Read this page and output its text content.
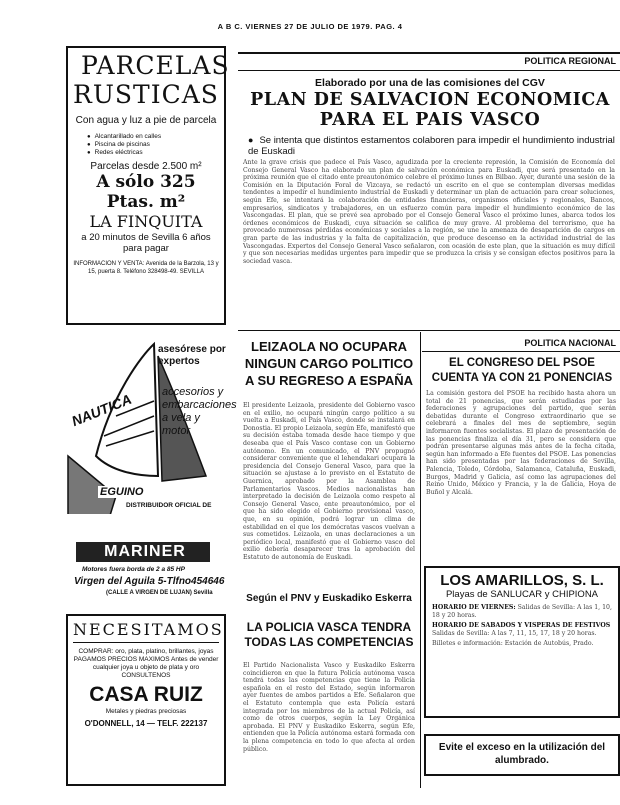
A B C. VIERNES 27 DE JULIO DE 1979. PAG. 4
PARCELAS
RUSTICAS
Con agua y luz a pie de parcela
● Alcantarillado en calles
● Piscina de piscinas
● Redes eléctricas
Parcelas desde 2.500 m²
A sólo 325 Ptas. m²
LA FINQUITA
a 20 minutos de Sevilla 6 años para pagar
INFORMACION Y VENTA: Avenida de la Barzola, 13 y 15, puerta 8. Teléfono 328498-49. SEVILLA
asesórese por expertos
NAUTICA	accesorios y embarcaciones a vela y motor
EGUINO
DISTRIBUIDOR OFICIAL DE
MARINER
Motores fuera borda de 2 a 85 HP
Virgen del Aguila 5-Tlfno454646
(CALLE A VIRGEN DE LUJAN) Sevilla
NECESITAMOS
COMPRAR: oro, plata, platino, brillantes, joyas PAGAMOS PRECIOS MAXIMOS Antes de vender cualquier joya u objeto de plata y oro CONSULTENOS
CASA RUIZ
Metales y piedras preciosas
O'DONNELL, 14 — TELF. 222137
POLITICA REGIONAL
Elaborado por una de las comisiones del CGV
PLAN DE SALVACION ECONOMICA PARA EL PAIS VASCO
● Se intenta que distintos estamentos colaboren para impedir el hundimiento industrial de Euskadi
Ante la grave crisis que padece el País Vasco, agudizada por la creciente represión, la Comisión de Economía del Consejo General Vasco ha elaborado un plan de salvación económica para Euskadi, que será presentado en la próxima reunión que el citado ente preautonómico celebre el próximo lunes en Bilbao. Ayer, durante una sesión de la Comisión en la Diputación Foral de Vizcaya, se redactó un escrito en el que se contemplan diversas medidas tendentes a impedir el hundimiento industrial de Euskadi y determinar un plan de actuación para crear soluciones, según Efe, se intentará la colaboración de entidades financieras, organismos oficiales y regionales, Bancos, empresarios, sindicatos y trabajadores, en un esfuerzo común para impedir el hundimiento económico de las Vascongadas. El plan, que se prevé sea aprobado por el Consejo General Vasco el próximo lunes, abarca todos los órdenes económicos de Euskadi, cuya situación se califica de muy grave. Al problema del terrorismo, que ha provocado numerosas pérdidas económicas y sociales a la región, se une la amenaza de desaparición de cargos en gran parte de las industrias y la falta de capitalización, que produce descenso en la actividad industrial de las Vascongadas. Expertos del Consejo General Vasco señalaron, con ocasión de este plan, que la situación es muy difícil y que son necesarias medidas urgentes para impedir que se produzca la crisis y se consigan efectos positivos para la sociedad vasca.
LEIZAOLA NO OCUPARA NINGUN CARGO POLITICO A SU REGRESO A ESPAÑA
El presidente Leizaola, presidente del Gobierno vasco en el exilio, no ocupará ningún cargo político a su vuelta a Euskadi, el País Vasco, donde se instalará en Donostia. El propio Leizaola, según Efe, manifestó que su decisión estaba tomada desde hace tiempo y que deseaba que el País Vasco contase con un Gobierno autónomo. En un comunicado, el PNV propugnó considerar conveniente que el lehendakari ocupara la presidencia del Consejo General Vasco, para que la situación se ajustase a lo previsto en el Estatuto de Guernica, aprobado por la Asamblea de Parlamentarios Vascos. Medios nacionalistas han interpretado la decisión de Leizaola como respeto al Consejo General Vasco, ente preautonómico, por el que ha sido elegido el Gobierno provisional vasco, que, en su opinión, podrá lograr un clima de estabilidad en el que los demócratas vascos vuelvan a sus cometidos. Leizaola, en unas declaraciones a un periódico local, manifestó que el Gobierno vasco del exilio debería desaparecer tras la aprobación del Estatuto de autonomía de Euskadi.
Según el PNV y Euskadiko Eskerra
LA POLICIA VASCA TENDRA TODAS LAS COMPETENCIAS
El Partido Nacionalista Vasco y Euskadiko Eskerra coincidieron en que la futura Policía autónoma vasca tendrá todas las competencias que tiene la Policía española en el resto del Estado, según informaron ayer fuentes de ambos partidos a Efe. Señalaron que el Estatuto contempla que esta Policía estará integrada por los miembros de la actual Policía, así como de otros cuerpos, según la Ley Orgánica aprobada. El PNV y Euskadiko Eskerra, según Efe, entienden que la Policía autónoma estará formada con la plena competencia en todo lo que afecta al orden público.
POLITICA NACIONAL
EL CONGRESO DEL PSOE CUENTA YA CON 21 PONENCIAS
La comisión gestora del PSOE ha recibido hasta ahora un total de 21 ponencias, que serán estudiadas por las federaciones y agrupaciones del partido, que serán debatidas durante el Congreso extraordinario que se celebrará a finales del mes de septiembre, según informaron fuentes socialistas. El plazo de presentación de las ponencias finaliza el día 31, pero se considera que podrán presentarse algunas más antes de la fecha citada, según han informado a Efe fuentes del PSOE. Las ponencias han sido presentadas por las federaciones de Sevilla, Palencia, Toledo, Córdoba, Salamanca, Cataluña, Euskadi, Burgos, Madrid y Galicia, así como las agrupaciones del Reino Unido, México y Francia, y la de Galicia, Hoya de Buñol y Alcalá.
LOS AMARILLOS, S. L.
Playas de SANLUCAR y CHIPIONA
HORARIO DE VIERNES: Salidas de Sevilla: A las 1, 10, 18 y 20 horas.
HORARIO DE SABADOS Y VISPERAS DE FESTIVOS Salidas de Sevilla: A las 7, 11, 15, 17, 18 y 20 horas.
Billetes e información: Estación de Autobús, Prado.
Evite el exceso en la utilización del alumbrado.
